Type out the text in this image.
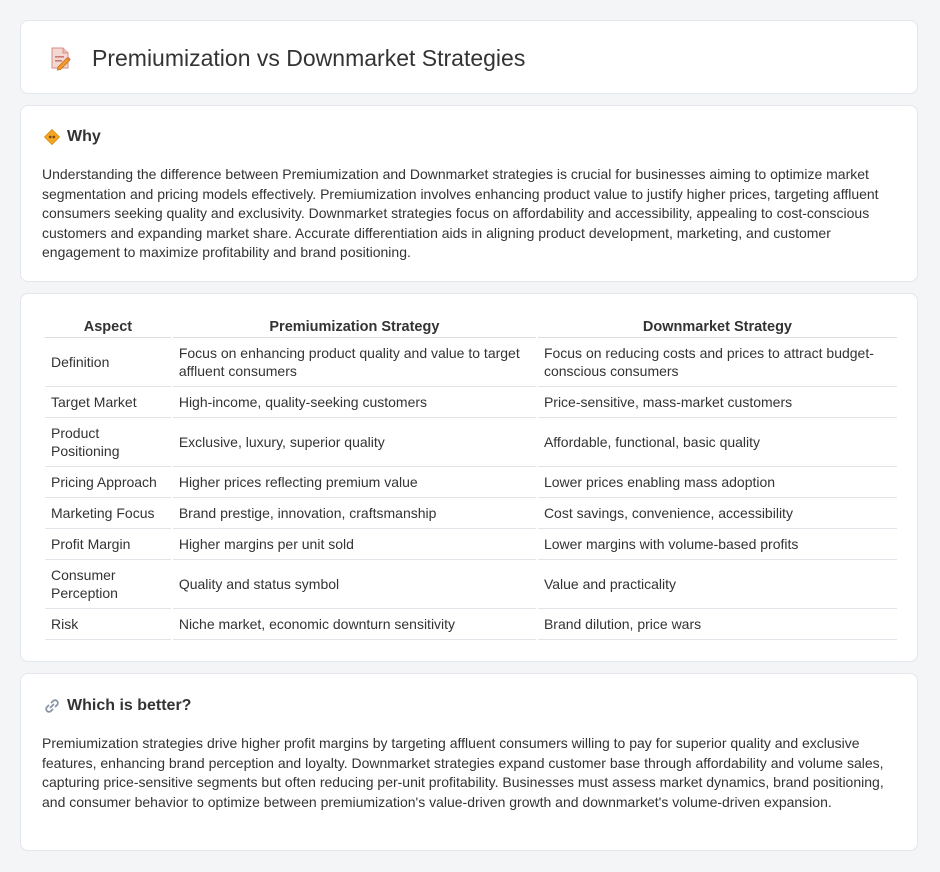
Premiumization vs Downmarket Strategies
Why

Understanding the difference between Premiumization and Downmarket strategies is crucial for businesses aiming to optimize market segmentation and pricing models effectively. Premiumization involves enhancing product value to justify higher prices, targeting affluent consumers seeking quality and exclusivity. Downmarket strategies focus on affordability and accessibility, appealing to cost-conscious customers and expanding market share. Accurate differentiation aids in aligning product development, marketing, and customer engagement to maximize profitability and brand positioning.

Aspect	Premiumization Strategy	Downmarket Strategy
Definition	Focus on enhancing product quality and value to target affluent consumers	Focus on reducing costs and prices to attract budget-conscious consumers
Target Market	High-income, quality-seeking customers	Price-sensitive, mass-market customers
Product Positioning	Exclusive, luxury, superior quality	Affordable, functional, basic quality
Pricing Approach	Higher prices reflecting premium value	Lower prices enabling mass adoption
Marketing Focus	Brand prestige, innovation, craftsmanship	Cost savings, convenience, accessibility
Profit Margin	Higher margins per unit sold	Lower margins with volume-based profits
Consumer Perception	Quality and status symbol	Value and practicality
Risk	Niche market, economic downturn sensitivity	Brand dilution, price wars
Which is better?

Premiumization strategies drive higher profit margins by targeting affluent consumers willing to pay for superior quality and exclusive features, enhancing brand perception and loyalty. Downmarket strategies expand customer base through affordability and volume sales, capturing price-sensitive segments but often reducing per-unit profitability. Businesses must assess market dynamics, brand positioning, and consumer behavior to optimize between premiumization's value-driven growth and downmarket's volume-driven expansion.
